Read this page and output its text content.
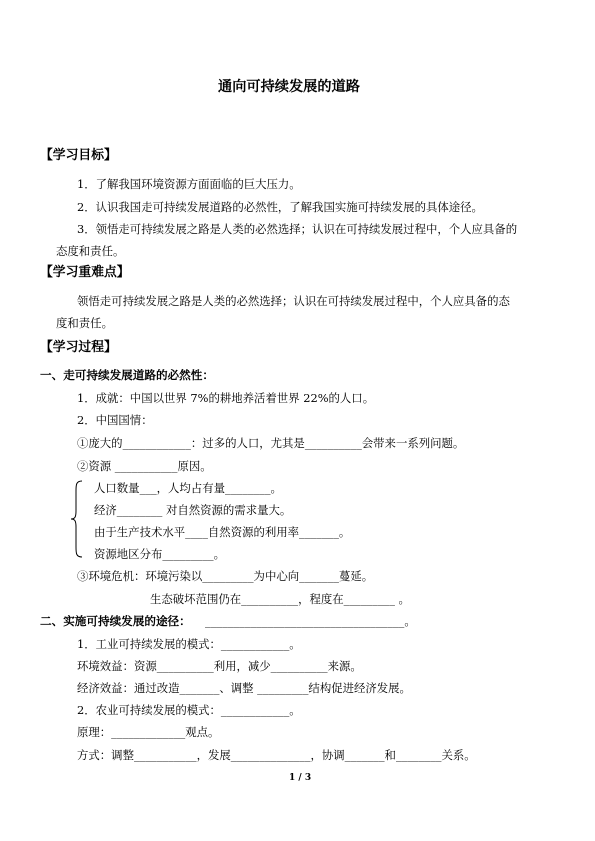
通向可持续发展的道路
【学习目标】
1．了解我国环境资源方面面临的巨大压力。
2．认识我国走可持续发展道路的必然性，了解我国实施可持续发展的具体途径。
3．领悟走可持续发展之路是人类的必然选择；认识在可持续发展过程中，个人应具备的
态度和责任。
【学习重难点】
领悟走可持续发展之路是人类的必然选择；认识在可持续发展过程中，个人应具备的态
度和责任。
【学习过程】
一、走可持续发展道路的必然性：
1．成就：中国以世界 7%的耕地养活着世界 22%的人口。
2．中国国情：
①庞大的____________：过多的人口，尤其是__________会带来一系列问题。
②资源 ___________原因。
人口数量___，人均占有量________。
经济________ 对自然资源的需求量大。
由于生产技术水平____自然资源的利用率_______。
资源地区分布_________。
③环境危机：环境污染以_________为中心向_______蔓延。
生态破坏范围仍在__________，程度在_________ 。
二、实施可持续发展的途径： ___________________________________。
1．工业可持续发展的模式：____________。
环境效益：资源__________利用，减少__________来源。
经济效益：通过改造_______、调整 _________结构促进经济发展。
2．农业可持续发展的模式：____________。
原理：_____________观点。
方式：调整___________，发展______________，协调_______和________关系。
1 / 3
